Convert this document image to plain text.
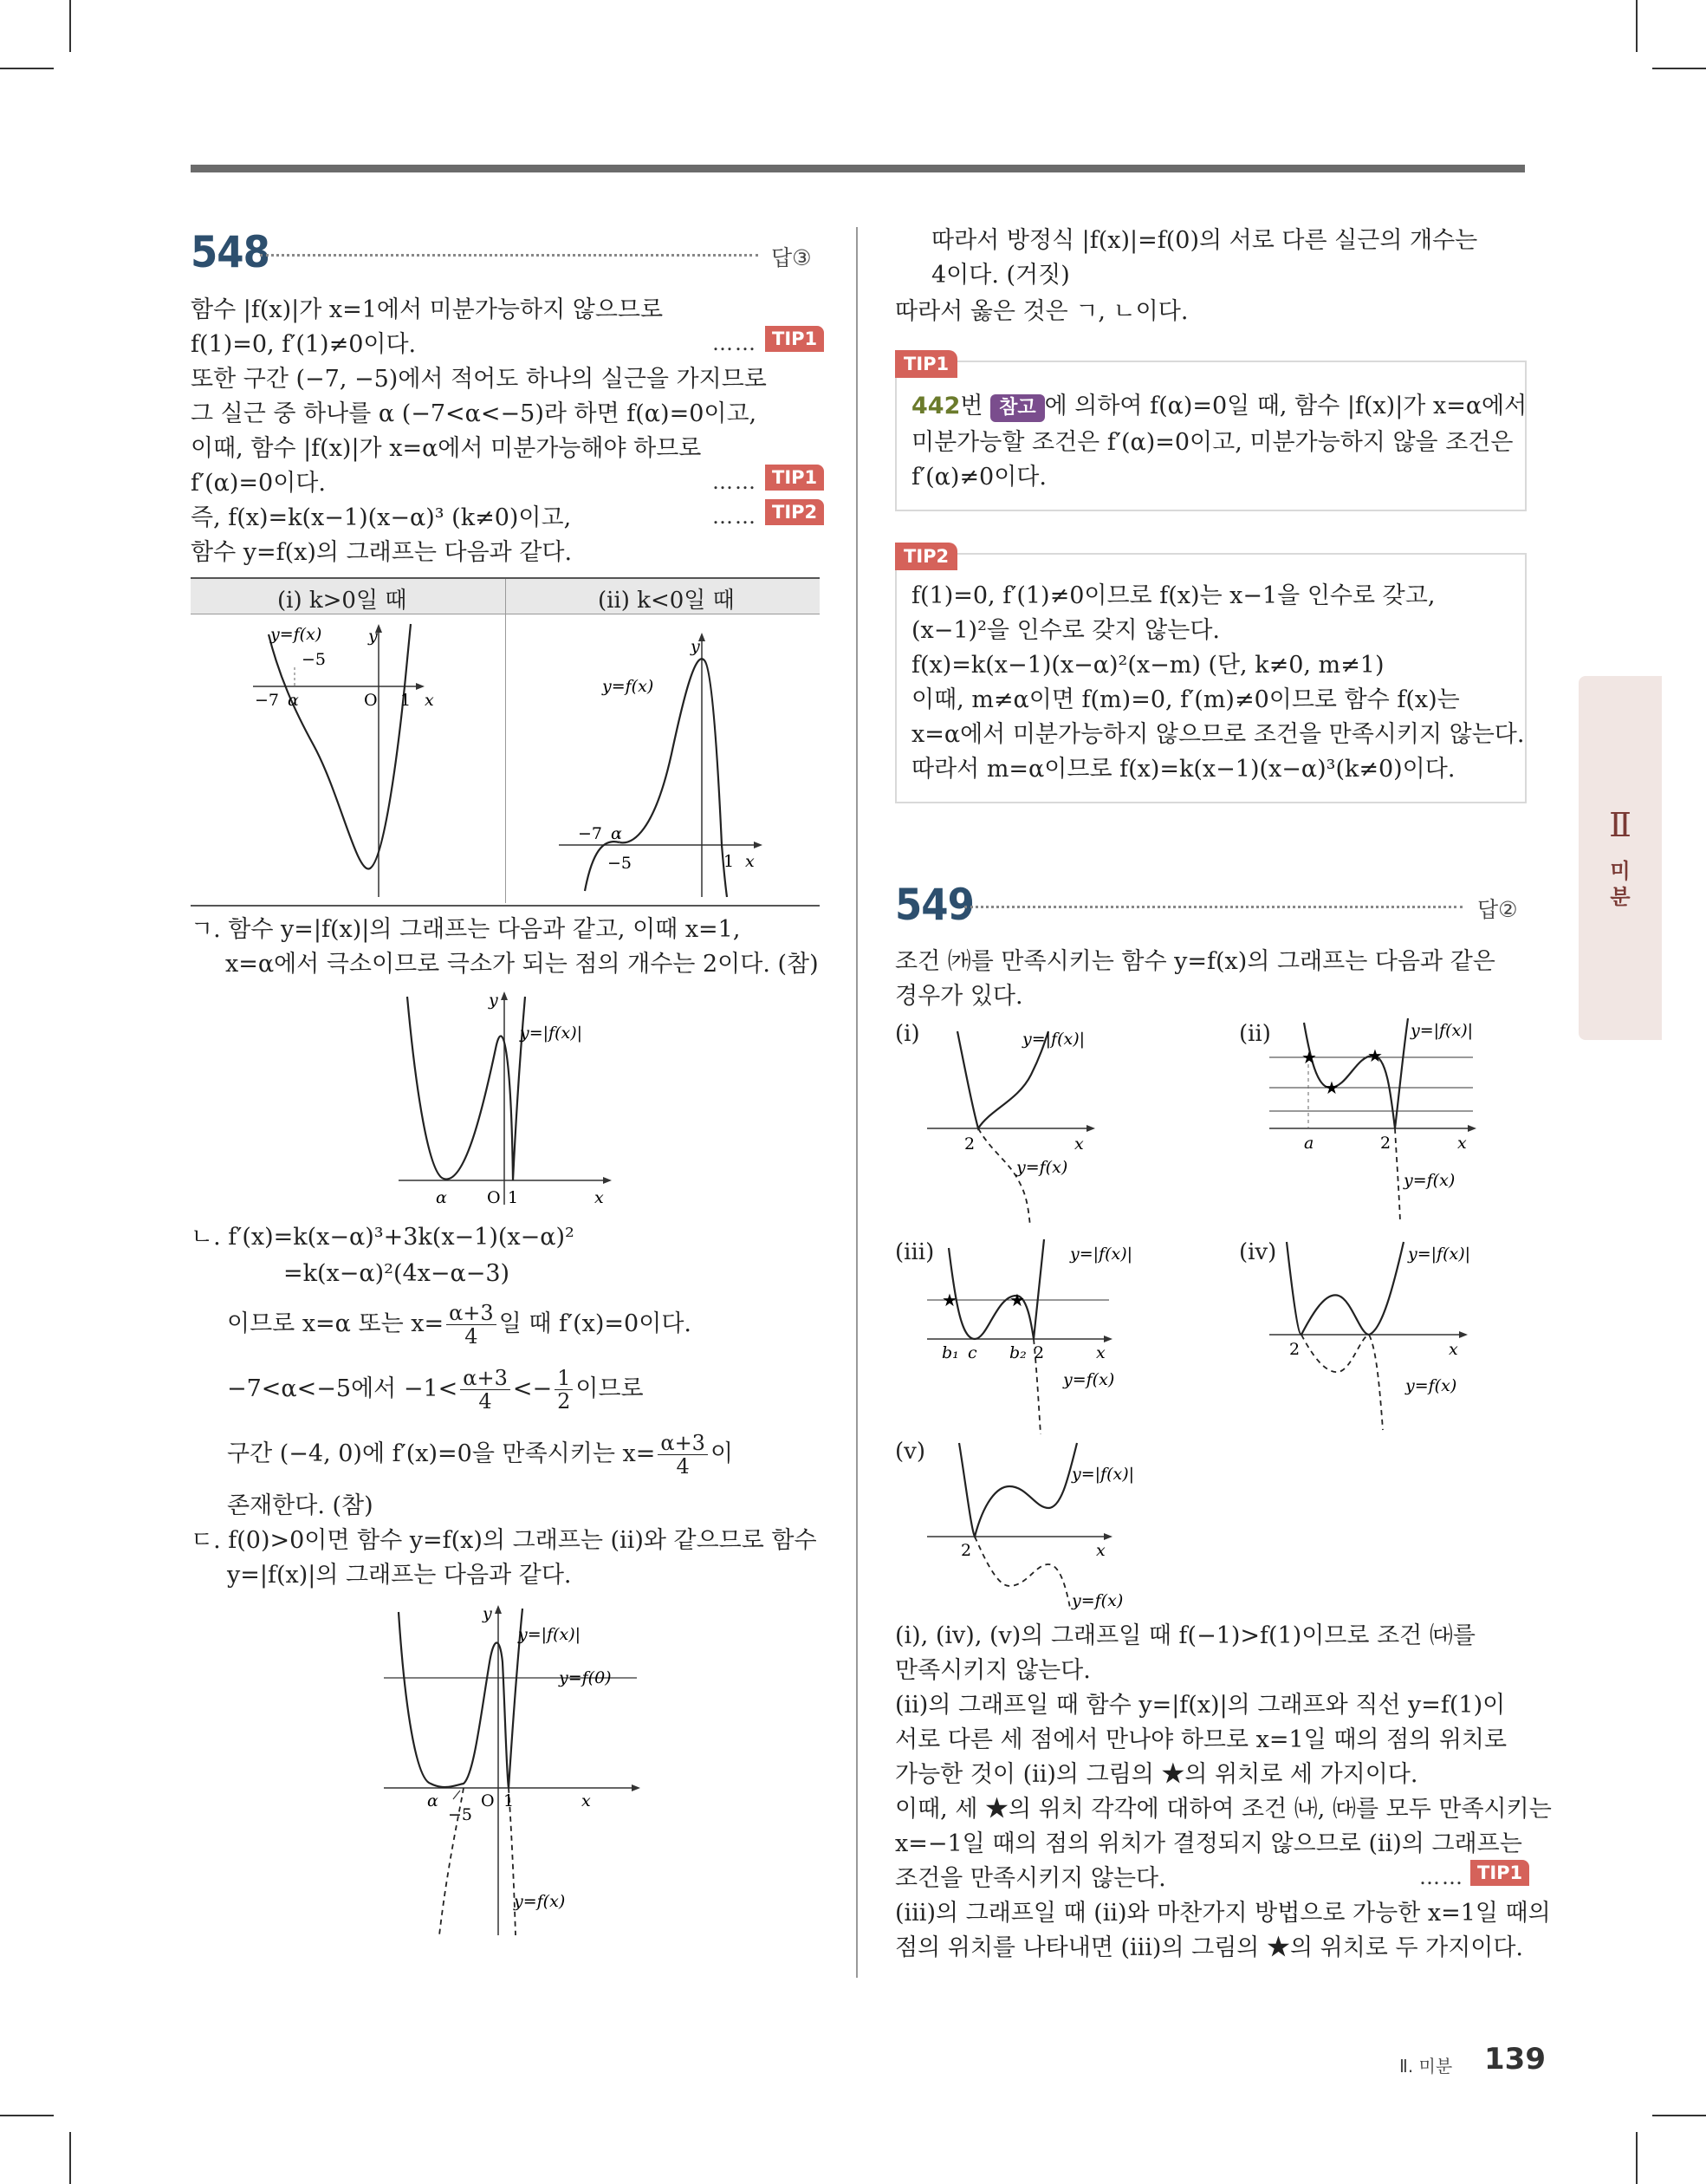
548	답③
함수 |f(x)|가 x=1에서 미분가능하지 않으므로
f(1)=0, f′(1)≠0이다.
또한 구간 (−7, −5)에서 적어도 하나의 실근을 가지므로
그 실근 중 하나를 α (−7<α<−5)라 하면 f(α)=0이고,
이때, 함수 |f(x)|가 x=α에서 미분가능해야 하므로
f′(α)=0이다.
즉, f(x)=k(x−1)(x−α)³ (k≠0)이고,
함수 y=f(x)의 그래프는 다음과 같다.
…… TIP1
…… TIP1
…… TIP2
(ⅰ) k>0일 때	(ⅱ) k<0일 때
y=f(x)	y
−5
−7 α	O 1 x
y
y=f(x)
−7 α
−5	1 x
ㄱ. 함수 y=|f(x)|의 그래프는 다음과 같고, 이때 x=1,
x=α에서 극소이므로 극소가 되는 점의 개수는 2이다. (참)
y=|f(x)|
y
α O 1	x
ㄴ. f′(x)=k(x−α)³+3k(x−1)(x−α)²
=k(x−α)²(4x−α−3)
이므로 x=α 또는 $x= \frac{\alpha+3}{4}$ 일 때 f′(x)=0이다.
−7<α<−5에서 $-1< \frac{\alpha+3}{4} <- \frac{1}{2}$ 이므로
구간 (−4, 0)에 f′(x)=0을 만족시키는 $x= \frac{\alpha+3}{4}$ 이
존재한다. (참)
ㄷ. f(0)>0이면 함수 y=f(x)의 그래프는 (ⅱ)와 같으므로 함수
y=|f(x)|의 그래프는 다음과 같다.
y=|f(x)|
y=f(0)
y
α
−5
O 1	x
y=f(x)
따라서 방정식 |f(x)|=f(0)의 서로 다른 실근의 개수는
4이다. (거짓)
따라서 옳은 것은 ㄱ, ㄴ이다.
TIP1
442번 참고 에 의하여 f(α)=0일 때, 함수 |f(x)|가 x=α에서
미분가능할 조건은 f′(α)=0이고, 미분가능하지 않을 조건은
f′(α)≠0이다.
TIP2
f(1)=0, f′(1)≠0이므로 f(x)는 x−1을 인수로 갖고,
(x−1)²을 인수로 갖지 않는다.
f(x)=k(x−1)(x−α)²(x−m) (단, k≠0, m≠1)
이때, m≠α이면 f(m)=0, f′(m)≠0이므로 함수 f(x)는
x=α에서 미분가능하지 않으므로 조건을 만족시키지 않는다.
따라서 m=α이므로 f(x)=k(x−1)(x−α)³(k≠0)이다.
549	답②
조건 ㈎를 만족시키는 함수 y=f(x)의 그래프는 다음과 같은
경우가 있다.
(ⅰ)	(ⅱ)
(ⅲ)	(ⅳ)
(ⅴ)
y=|f(x)|
2	x
y=f(x)
★
★
★
y=|f(x)|
a	2	x
y=f(x)
★	★
y=|f(x)|
b₁ c b₂ 2	x
y=f(x)
y=|f(x)|
2	x
y=f(x)
y=|f(x)|
2	x
y=f(x)
(ⅰ), (ⅳ), (ⅴ)의 그래프일 때 f(−1)>f(1)이므로 조건 ㈐를
만족시키지 않는다.
(ⅱ)의 그래프일 때 함수 y=|f(x)|의 그래프와 직선 y=f(1)이
서로 다른 세 점에서 만나야 하므로 x=1일 때의 점의 위치로
가능한 것이 (ⅱ)의 그림의 ★의 위치로 세 가지이다.
이때, 세 ★의 위치 각각에 대하여 조건 ㈏, ㈐를 모두 만족시키는
x=−1일 때의 점의 위치가 결정되지 않으므로 (ⅱ)의 그래프는
조건을 만족시키지 않는다.
(ⅲ)의 그래프일 때 (ⅱ)와 마찬가지 방법으로 가능한 x=1일 때의
점의 위치를 나타내면 (ⅲ)의 그림의 ★의 위치로 두 가지이다.
…… TIP1
Ⅱ
미
분
Ⅱ. 미분 139
